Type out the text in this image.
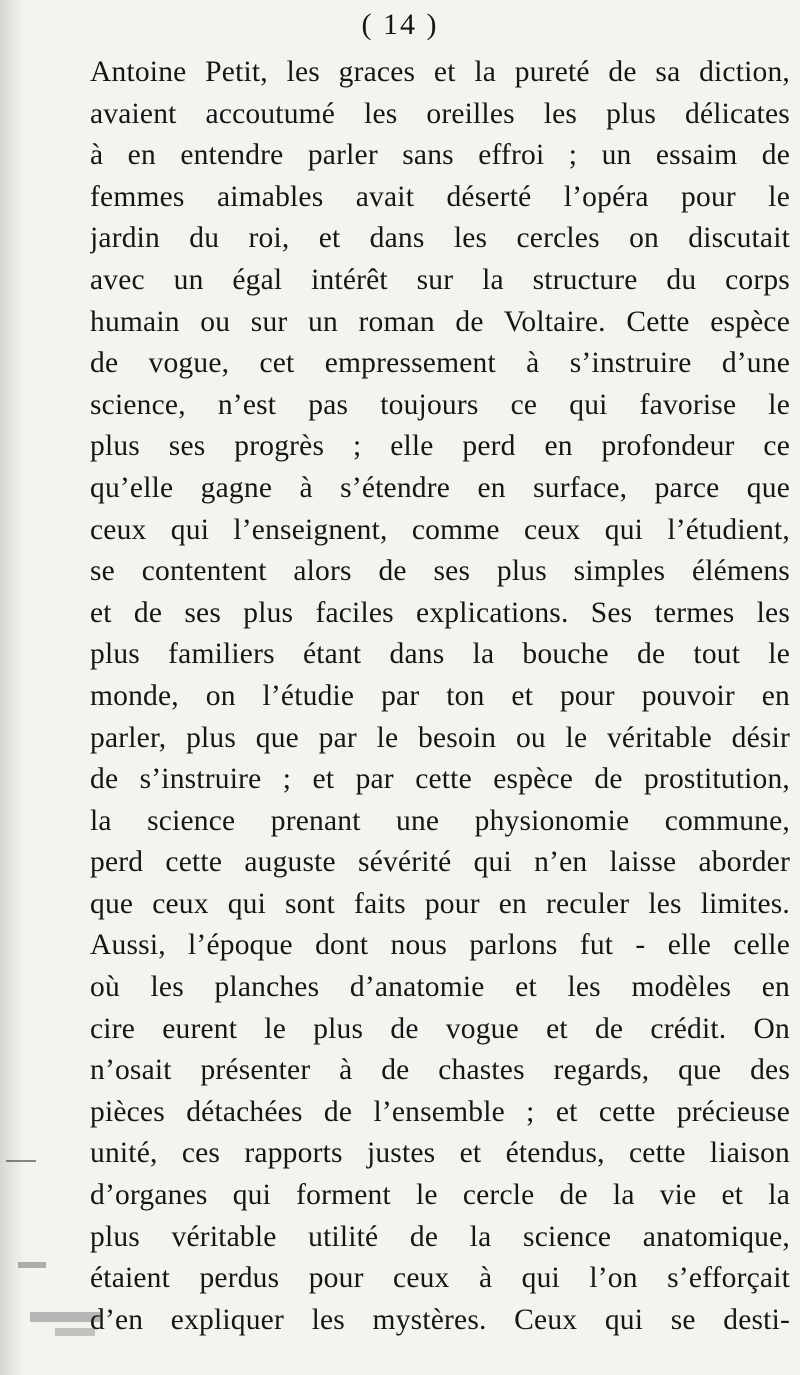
( 14 )
Antoine Petit, les graces et la pureté de sa diction,
avaient accoutumé les oreilles les plus délicates
à en entendre parler sans effroi ; un essaim de
femmes aimables avait déserté l’opéra pour le
jardin du roi, et dans les cercles on discutait
avec un égal intérêt sur la structure du corps
humain ou sur un roman de Voltaire. Cette espèce
de vogue, cet empressement à s’instruire d’une
science, n’est pas toujours ce qui favorise le
plus ses progrès ; elle perd en profondeur ce
qu’elle gagne à s’étendre en surface, parce que
ceux qui l’enseignent, comme ceux qui l’étudient,
se contentent alors de ses plus simples élémens
et de ses plus faciles explications. Ses termes les
plus familiers étant dans la bouche de tout le
monde, on l’étudie par ton et pour pouvoir en
parler, plus que par le besoin ou le véritable désir
de s’instruire ; et par cette espèce de prostitution,
la science prenant une physionomie commune,
perd cette auguste sévérité qui n’en laisse aborder
que ceux qui sont faits pour en reculer les limites.
Aussi, l’époque dont nous parlons fut - elle celle
où les planches d’anatomie et les modèles en
cire eurent le plus de vogue et de crédit. On
n’osait présenter à de chastes regards, que des
pièces détachées de l’ensemble ; et cette précieuse
unité, ces rapports justes et étendus, cette liaison
d’organes qui forment le cercle de la vie et la
plus véritable utilité de la science anatomique,
étaient perdus pour ceux à qui l’on s’efforçait
d’en expliquer les mystères. Ceux qui se desti-
